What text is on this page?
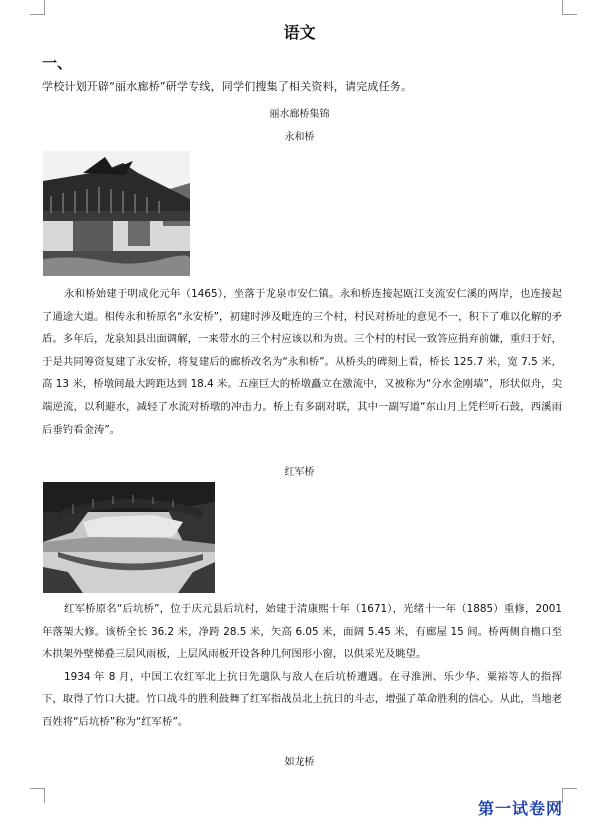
语文
一、
学校计划开辟“丽水廊桥”研学专线，同学们搜集了相关资料，请完成任务。
丽水廊桥集锦
永和桥

永和桥始建于明成化元年（1465），坐落于龙泉市安仁镇。永和桥连接起瓯江支流安仁溪的两岸，也连接起了通途大道。相传永和桥原名“永安桥”，初建时涉及毗连的三个村，村民对桥址的意见不一，积下了难以化解的矛盾。多年后，龙泉知县出面调解，一来带水的三个村应该以和为贵。三个村的村民一致答应捐弃前嫌，重归于好，于是共同筹资复建了永安桥，将复建后的廊桥改名为“永和桥”。从桥头的碑刻上看，桥长 125.7 米，宽 7.5 米，高 13 米，桥墩间最大跨距达到 18.4 米。五座巨大的桥墩矗立在激流中，又被称为“分水金刚墙”，形状似舟，尖端逆流，以利避水，减轻了水流对桥墩的冲击力。桥上有多副对联，其中一副写道“东山月上凭栏听石鼓，西溪雨后垂钓看金涛”。

红军桥

红军桥原名“后坑桥”，位于庆元县后坑村，始建于清康熙十年（1671），光绪十一年（1885）重修，2001 年落架大修。该桥全长 36.2 米，净跨 28.5 米，矢高 6.05 米，面阔 5.45 米，有廊屋 15 间。桥两侧自檐口至木拱架外壁梯叠三层风雨板，上层风雨板开设各种几何图形小窗，以供采光及眺望。

1934 年 8 月，中国工农红军北上抗日先遣队与敌人在后坑桥遭遇。在寻淮洲、乐少华、粟裕等人的指挥下，取得了竹口大捷。竹口战斗的胜利鼓舞了红军指战员北上抗日的斗志，增强了革命胜利的信心。从此，当地老百姓将“后坑桥”称为“红军桥”。

如龙桥
第一试卷网
